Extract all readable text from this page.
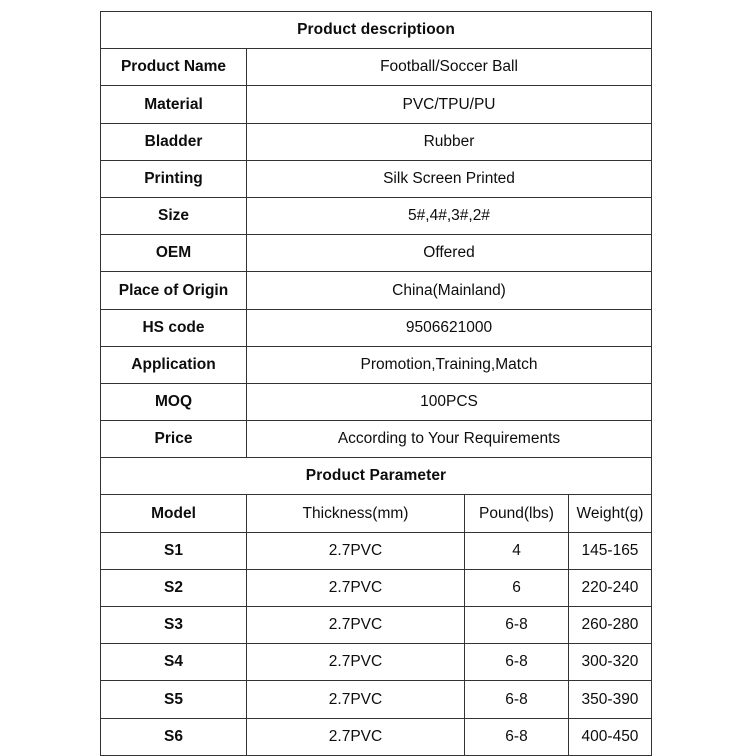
Product descriptioon			
Product Name	Football/Soccer Ball		
Material	PVC/TPU/PU		
Bladder	Rubber		
Printing	Silk Screen Printed		
Size	5#,4#,3#,2#		
OEM	Offered		
Place of Origin	China(Mainland)		
HS code	9506621000		
Application	Promotion,Training,Match		
MOQ	100PCS		
Price	According to Your Requirements		
Product Parameter			
Model	Thickness(mm)	Pound(lbs)	Weight(g)
S1	2.7PVC	4	145-165
S2	2.7PVC	6	220-240
S3	2.7PVC	6-8	260-280
S4	2.7PVC	6-8	300-320
S5	2.7PVC	6-8	350-390
S6	2.7PVC	6-8	400-450
